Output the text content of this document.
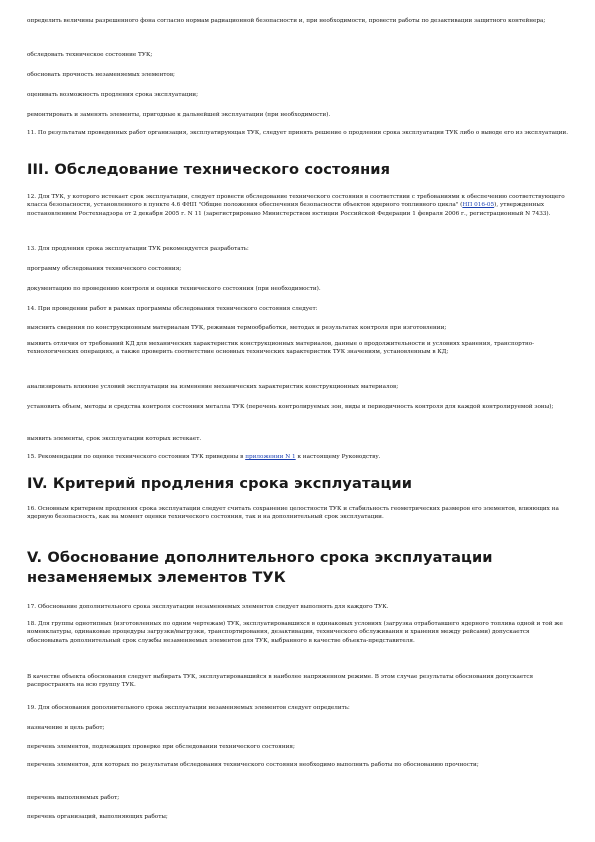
определить величины разрешенного фона согласно нормам радиационной безопасности и, при необходимости, провести работы по дезактивации защитного контейнера;

обследовать техническое состояние ТУК;

обосновать прочность незаменяемых элементов;

оценивать возможность продления срока эксплуатации;

ремонтировать и заменять элементы, пригодные к дальнейшей эксплуатации (при необходимости).

11. По результатам проведенных работ организация, эксплуатирующая ТУК, следует принять решение о продлении срока эксплуатации ТУК либо о выводе его из эксплуатации.

III. Обследование технического состояния

12. Для ТУК, у которого истекает срок эксплуатации, следует провести обследование технического состояния в соответствии с требованиями к обеспечению соответствующего класса безопасности, установленного в пункте 4.6 ФНП "Общие положения обеспечения безопасности объектов ядерного топливного цикла" (НП 016-05), утвержденных постановлением Ростехнадзора от 2 декабря 2005 г. N 11 (зарегистрировано Министерством юстиции Российской Федерации 1 февраля 2006 г., регистрационный N 7433).

13. Для продления срока эксплуатации ТУК рекомендуется разработать:

программу обследования технического состояния;

документацию по проведению контроля и оценки технического состояния (при необходимости).

14. При проведении работ в рамках программы обследования технического состояния следует:

выяснить сведения по конструкционным материалам ТУК, режимам термообработки, методах и результатах контроля при изготовлении;

выявить отличия от требований КД для механических характеристик конструкционных материалов, данные о продолжительности и условиях хранения, транспортно-технологических операциях, а также проверить соответствие основных технических характеристик ТУК значениям, установленным в КД;

анализировать влияние условий эксплуатации на изменение механических характеристик конструкционных материалов;

установить объем, методы и средства контроля состояния металла ТУК (перечень контролируемых зон, виды и периодичность контроля для каждой контролируемой зоны);

выявить элементы, срок эксплуатации которых истекает.

15. Рекомендации по оценке технического состояния ТУК приведены в приложении N 1 к настоящему Руководству.

IV. Критерий продления срока эксплуатации

16. Основным критерием продления срока эксплуатации следует считать сохранение целостности ТУК и стабильность геометрических размеров его элементов, влияющих на ядерную безопасность, как на момент оценки технического состояния, так и на дополнительный срок эксплуатации.

V. Обоснование дополнительного срока эксплуатации незаменяемых элементов ТУК

17. Обоснование дополнительного срока эксплуатации незаменяемых элементов следует выполнять для каждого ТУК.

18. Для группы однотипных (изготовленных по одним чертежам) ТУК, эксплуатировавшихся в одинаковых условиях (загрузка отработавшего ядерного топлива одной и той же номенклатуры, одинаковые процедуры загрузки/выгрузки, транспортирования, дезактивации, технического обслуживания и хранения между рейсами) допускается обосновывать дополнительный срок службы незаменяемых элементов для ТУК, выбранного в качестве объекта-представителя.

В качестве объекта обоснования следует выбирать ТУК, эксплуатировавшийся в наиболее напряженном режиме. В этом случае результаты обоснования допускается распространять на всю группу ТУК.

19. Для обоснования дополнительного срока эксплуатации незаменяемых элементов следует определить:

назначение и цель работ;

перечень элементов, подлежащих проверке при обследовании технического состояния;

перечень элементов, для которых по результатам обследования технического состояния необходимо выполнить работы по обоснованию прочности;

перечень выполняемых работ;

перечень организаций, выполняющих работы;
